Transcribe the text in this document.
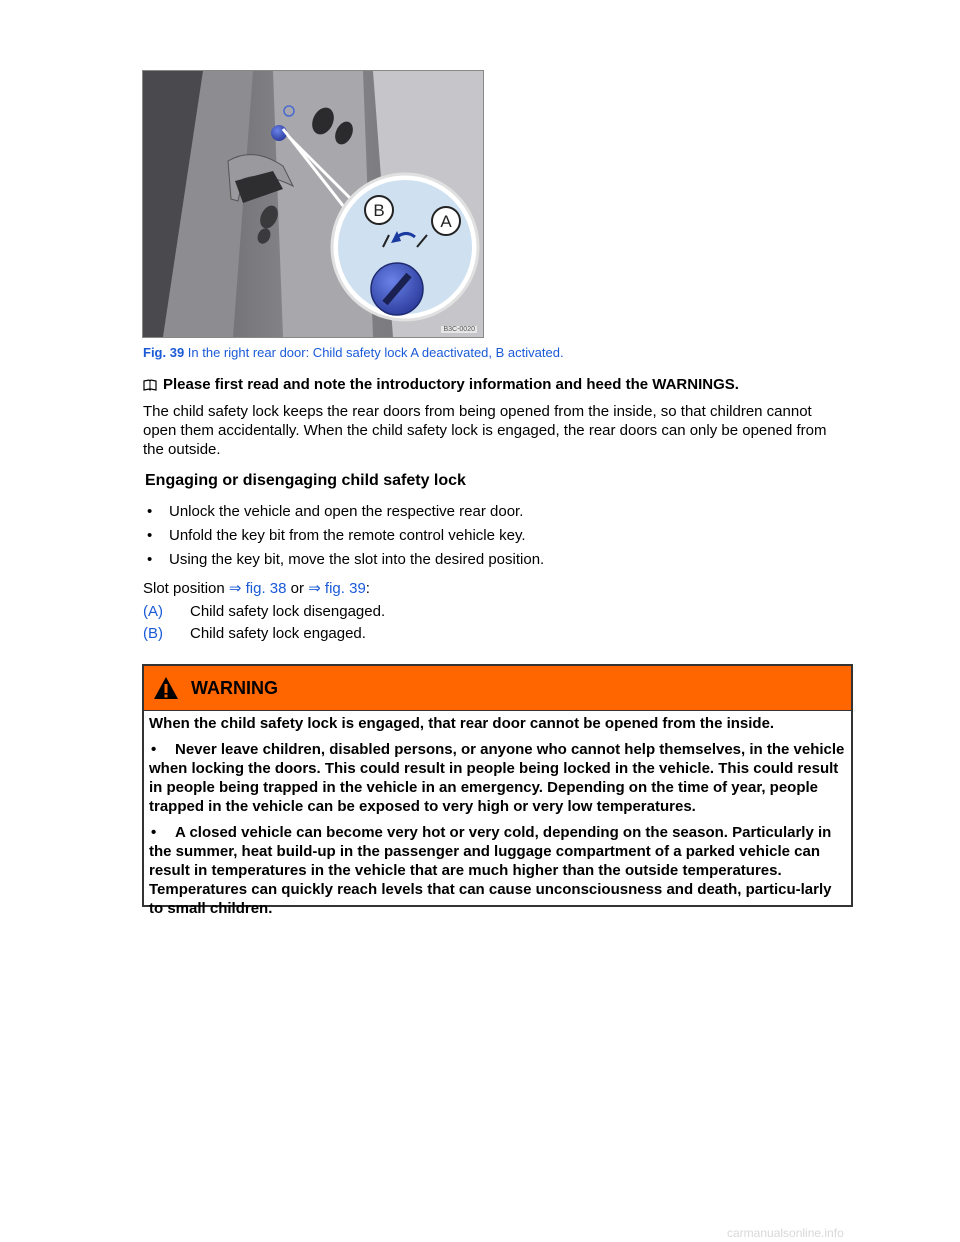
B
A
B3C-0020
Fig. 39 In the right rear door: Child safety lock A deactivated, B activated.
Please first read and note the introductory information and heed the WARNINGS.
The child safety lock keeps the rear doors from being opened from the inside, so that children cannot open them accidentally. When the child safety lock is engaged, the rear doors can only be opened from the outside.
Engaging or disengaging child safety lock
•	Unlock the vehicle and open the respective rear door.
•	Unfold the key bit from the remote control vehicle key.
•	Using the key bit, move the slot into the desired position.
Slot position ⇒ fig. 38 or ⇒ fig. 39:
(A)	Child safety lock disengaged.
(B)	Child safety lock engaged.
WARNING

When the child safety lock is engaged, that rear door cannot be opened from the inside.

• Never leave children, disabled persons, or anyone who cannot help themselves, in the vehicle when locking the doors. This could result in people being locked in the vehicle. This could result in people being trapped in the vehicle in an emergency. Depending on the time of year, people trapped in the vehicle can be exposed to very high or very low temperatures.

• A closed vehicle can become very hot or very cold, depending on the season. Particularly in the summer, heat build-up in the passenger and luggage compartment of a parked vehicle can result in temperatures in the vehicle that are much higher than the outside temperatures. Temperatures can quickly reach levels that can cause unconsciousness and death, particu-larly to small children.

carmanualsonline.info
